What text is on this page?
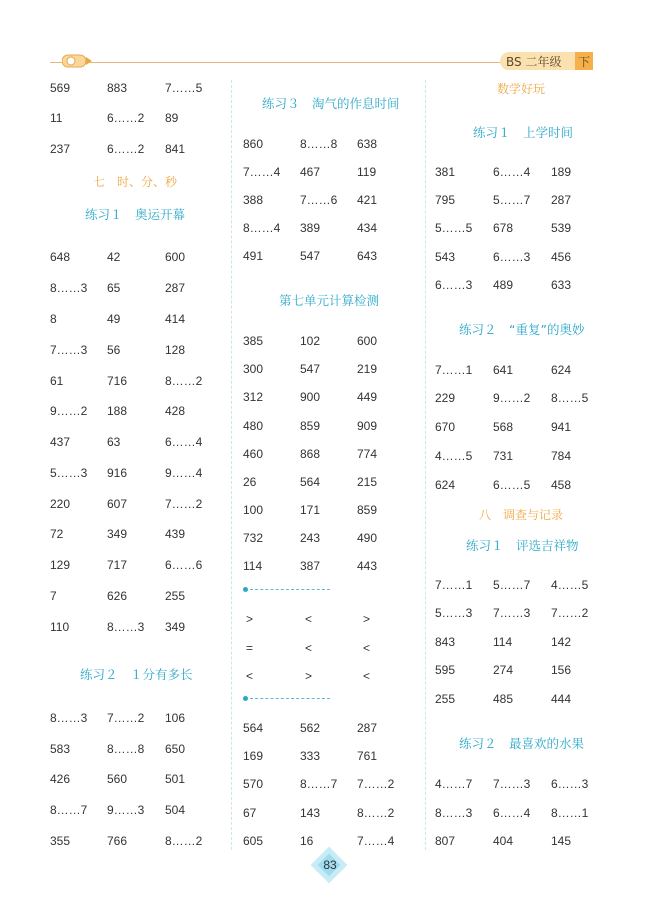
BS 二年级 下
569	883	7……5
11	6……2 89
237	6……2 841
七　时、分、秒
练习１　奥运开幕
648	42	600
8……3 65	287
8	49	414
7……3 56	128
61	716	8……2
9……2 188	428
437	63	6……4
5……3 916	9……4
220	607	7……2
72	349	439
129	717	6……6
7	626	255
110	8……3 349
练习２　１分有多长
8……3 7……2 106
583	8……8 650
426	560	501
8……7 9……3 504
355	766	8……2
练习３　淘气的作息时间
860	8……8 638
7……4 467	119
388	7……6 421
8……4 389	434
491	547	643
第七单元计算检测
385	102	600
300	547	219
312	900	449
480	859	909
460	868	774
26	564	215
100	171	859
732	243	490
114	387	443
>	<	>
=	<	<
<	>	<
564	562	287
169	333	761
570	8……7 7……2
67	143	8……2
605	16	7……4
数学好玩
练习１　上学时间
381	6……4 189
795	5……7 287
5……5 678	539
543	6……3 456
6……3 489	633
练习２　“重复”的奥妙
7……1 641	624
229	9……2 8……5
670	568	941
4……5 731	784
624	6……5 458
八　调查与记录
练习１　评选吉祥物
7……1 5……7 4……5
5……3 7……3 7……2
843	114	142
595	274	156
255	485	444
练习２　最喜欢的水果
4……7 7……3 6……3
8……3 6……4 8……1
807	404	145
83
